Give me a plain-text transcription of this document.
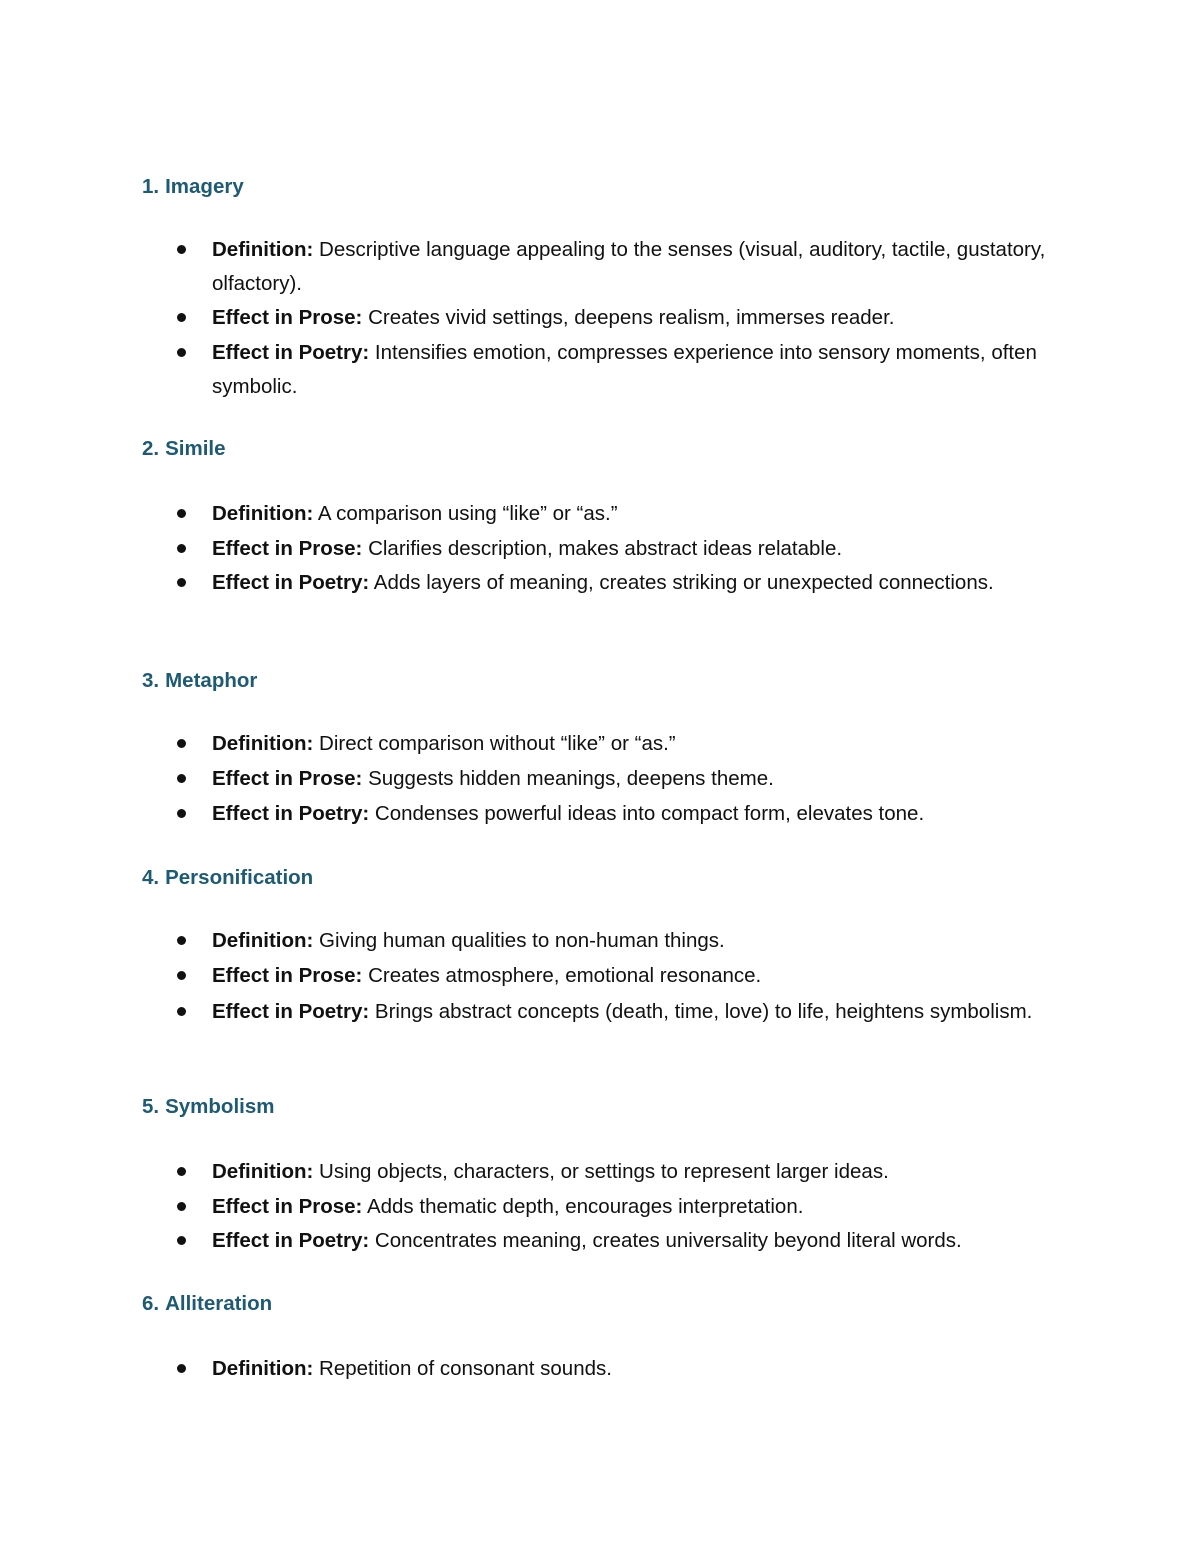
1. Imagery
Definition: Descriptive language appealing to the senses (visual, auditory, tactile, gustatory, olfactory).
Effect in Prose: Creates vivid settings, deepens realism, immerses reader.
Effect in Poetry: Intensifies emotion, compresses experience into sensory moments, often symbolic.
2. Simile
Definition: A comparison using “like” or “as.”
Effect in Prose: Clarifies description, makes abstract ideas relatable.
Effect in Poetry: Adds layers of meaning, creates striking or unexpected connections.
3. Metaphor
Definition: Direct comparison without “like” or “as.”
Effect in Prose: Suggests hidden meanings, deepens theme.
Effect in Poetry: Condenses powerful ideas into compact form, elevates tone.
4. Personification
Definition: Giving human qualities to non-human things.
Effect in Prose: Creates atmosphere, emotional resonance.
Effect in Poetry: Brings abstract concepts (death, time, love) to life, heightens symbolism.
5. Symbolism
Definition: Using objects, characters, or settings to represent larger ideas.
Effect in Prose: Adds thematic depth, encourages interpretation.
Effect in Poetry: Concentrates meaning, creates universality beyond literal words.
6. Alliteration
Definition: Repetition of consonant sounds.
